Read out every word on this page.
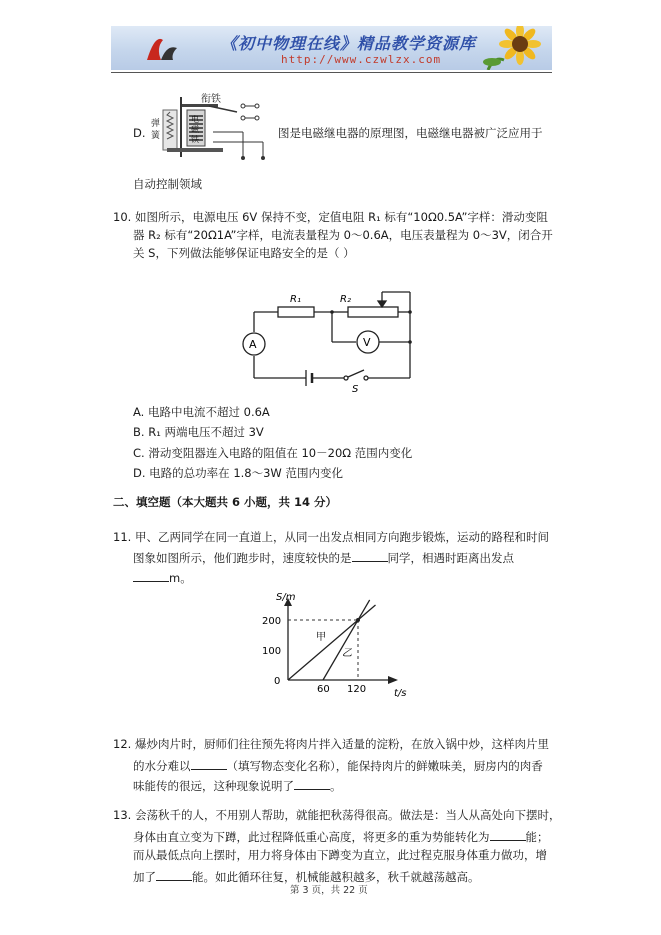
《初中物理在线》精品教学资源库
http://www.czwlzx.com
D.
衔铁
弹 簧
电磁铁	图是电磁继电器的原理图，电磁继电器被广泛应用于
自动控制领域
10. 如图所示，电源电压 6V 保持不变，定值电阻 R₁ 标有“10Ω0.5A”字样：滑动变阻
器 R₂ 标有“20Ω1A”字样，电流表量程为 0～0.6A，电压表量程为 0～3V，闭合开
关 S，下列做法能够保证电路安全的是（ ）
R₁	R₂
A	V
S
A. 电路中电流不超过 0.6A
B. R₁ 两端电压不超过 3V
C. 滑动变阻器连入电路的阻值在 10－20Ω 范围内变化
D. 电路的总功率在 1.8～3W 范围内变化
二、填空题（本大题共 6 小题，共 14 分）
11. 甲、乙两同学在同一直道上，从同一出发点相同方向跑步锻炼，运动的路程和时间
图象如图所示，他们跑步时，速度较快的是	同学，相遇时距离出发点
m。
S/m
t/s
200
100
0
60 120
甲
乙
12. 爆炒肉片时，厨师们往往预先将肉片拌入适量的淀粉，在放入锅中炒，这样肉片里
的水分难以	（填写物态变化名称），能保持肉片的鲜嫩味美，厨房内的肉香
味能传的很远，这种现象说明了	。
13. 会荡秋千的人，不用别人帮助，就能把秋荡得很高。做法是：当人从高处向下摆时，
身体由直立变为下蹲，此过程降低重心高度，将更多的重为势能转化为	能；
而从最低点向上摆时，用力将身体由下蹲变为直立，此过程克服身体重力做功，增
加了	能。如此循环往复，机械能越积越多，秋千就越荡越高。
第 3 页，共 22 页
